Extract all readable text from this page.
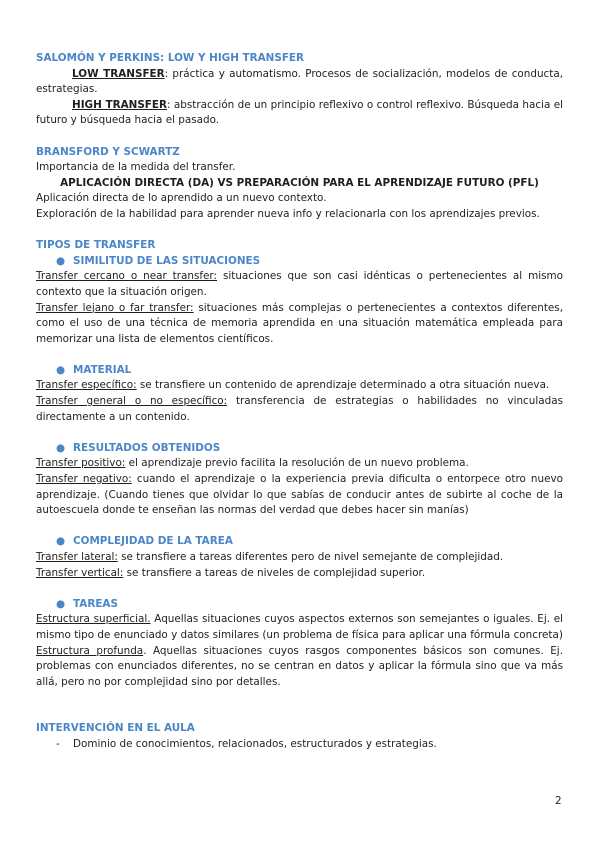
SALOMÓN Y PERKINS: LOW Y HIGH TRANSFER

LOW TRANSFER: práctica y automatismo. Procesos de socialización, modelos de conducta, estrategias.

HIGH TRANSFER: abstracción de un principio reflexivo o control reflexivo. Búsqueda hacia el futuro y búsqueda hacia el pasado.

BRANSFORD Y SCWARTZ

Importancia de la medida del transfer.

APLICACIÓN DIRECTA (DA) VS PREPARACIÓN PARA EL APRENDIZAJE FUTURO (PFL)

Aplicación directa de lo aprendido a un nuevo contexto.

Exploración de la habilidad para aprender nueva info y relacionarla con los aprendizajes previos.

TIPOS DE TRANSFER
● SIMILITUD DE LAS SITUACIONES

Transfer cercano o near transfer: situaciones que son casi idénticas o pertenecientes al mismo contexto que la situación origen.

Transfer lejano o far transfer: situaciones más complejas o pertenecientes a contextos diferentes, como el uso de una técnica de memoria aprendida en una situación matemática empleada para memorizar una lista de elementos científicos.

● MATERIAL

Transfer específico: se transfiere un contenido de aprendizaje determinado a otra situación nueva.

Transfer general o no específico: transferencia de estrategias o habilidades no vinculadas directamente a un contenido.

● RESULTADOS OBTENIDOS

Transfer positivo: el aprendizaje previo facilita la resolución de un nuevo problema.

Transfer negativo: cuando el aprendizaje o la experiencia previa dificulta o entorpece otro nuevo aprendizaje. (Cuando tienes que olvidar lo que sabías de conducir antes de subirte al coche de la autoescuela donde te enseñan las normas del verdad que debes hacer sin manías)

● COMPLEJIDAD DE LA TAREA

Transfer lateral: se transfiere a tareas diferentes pero de nivel semejante de complejidad.

Transfer vertical: se transfiere a tareas de niveles de complejidad superior.

● TAREAS

Estructura superficial. Aquellas situaciones cuyos aspectos externos son semejantes o iguales. Ej. el mismo tipo de enunciado y datos similares (un problema de física para aplicar una fórmula concreta)

Estructura profunda. Aquellas situaciones cuyos rasgos componentes básicos son comunes. Ej. problemas con enunciados diferentes, no se centran en datos y aplicar la fórmula sino que va más allá, pero no por complejidad sino por detalles.

INTERVENCIÓN EN EL AULA
- Dominio de conocimientos, relacionados, estructurados y estrategias.
2
